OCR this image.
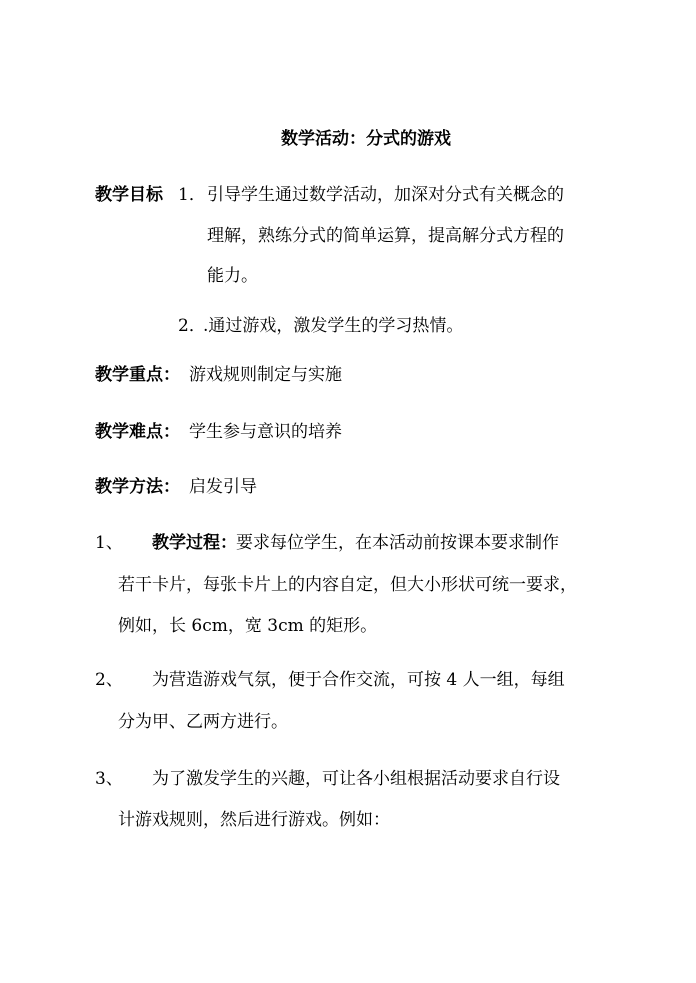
数学活动：分式的游戏
教学目标 1． 引导学生通过数学活动，加深对分式有关概念的
理解，熟练分式的简单运算，提高解分式方程的
能力。
2．
.通过游戏，激发学生的学习热情。
教学重点： 游戏规则制定与实施
教学难点： 学生参与意识的培养
教学方法： 启发引导
1、 教学过程： 要求每位学生，在本活动前按课本要求制作
若干卡片，每张卡片上的内容自定，但大小形状可统一要求，
例如，长 6cm，宽 3cm 的矩形。
2、 为营造游戏气氛，便于合作交流，可按 4 人一组，每组
分为甲、乙两方进行。
3、 为了激发学生的兴趣，可让各小组根据活动要求自行设
计游戏规则，然后进行游戏。例如：
